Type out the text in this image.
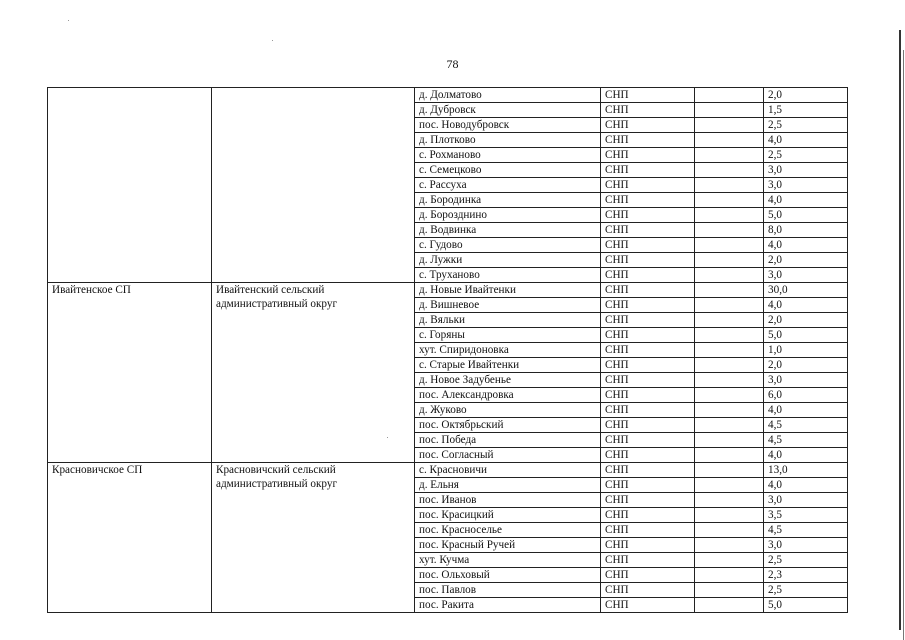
78
		д. Долматово	СНП		2,0
		д. Дубровск	СНП		1,5
		пос. Новодубровск	СНП		2,5
		д. Плотково	СНП		4,0
		с. Рохманово	СНП		2,5
		с. Семецково	СНП		3,0
		с. Рассуха	СНП		3,0
		д. Бородинка	СНП		4,0
		д. Борозднино	СНП		5,0
		д. Водвинка	СНП		8,0
		с. Гудово	СНП		4,0
		д. Лужки	СНП		2,0
		с. Труханово	СНП		3,0
Ивайтенское СП	Ивайтенский сельский административный округ	д. Новые Ивайтенки	СНП		30,0
		д. Вишневое	СНП		4,0
		д. Вяльки	СНП		2,0
		с. Горяны	СНП		5,0
		хут. Спиридоновка	СНП		1,0
		с. Старые Ивайтенки	СНП		2,0
		д. Новое Задубенье	СНП		3,0
		пос. Александровка	СНП		6,0
		д. Жуково	СНП		4,0
		пос. Октябрьский	СНП		4,5
		пос. Победа	СНП		4,5
		пос. Согласный	СНП		4,0
Красновичское СП	Красновичский сельский административный округ	с. Красновичи	СНП		13,0
		д. Ельня	СНП		4,0
		пос. Иванов	СНП		3,0
		пос. Красицкий	СНП		3,5
		пос. Красноселье	СНП		4,5
		пос. Красный Ручей	СНП		3,0
		хут. Кучма	СНП		2,5
		пос. Ольховый	СНП		2,3
		пос. Павлов	СНП		2,5
		пос. Ракита	СНП		5,0
